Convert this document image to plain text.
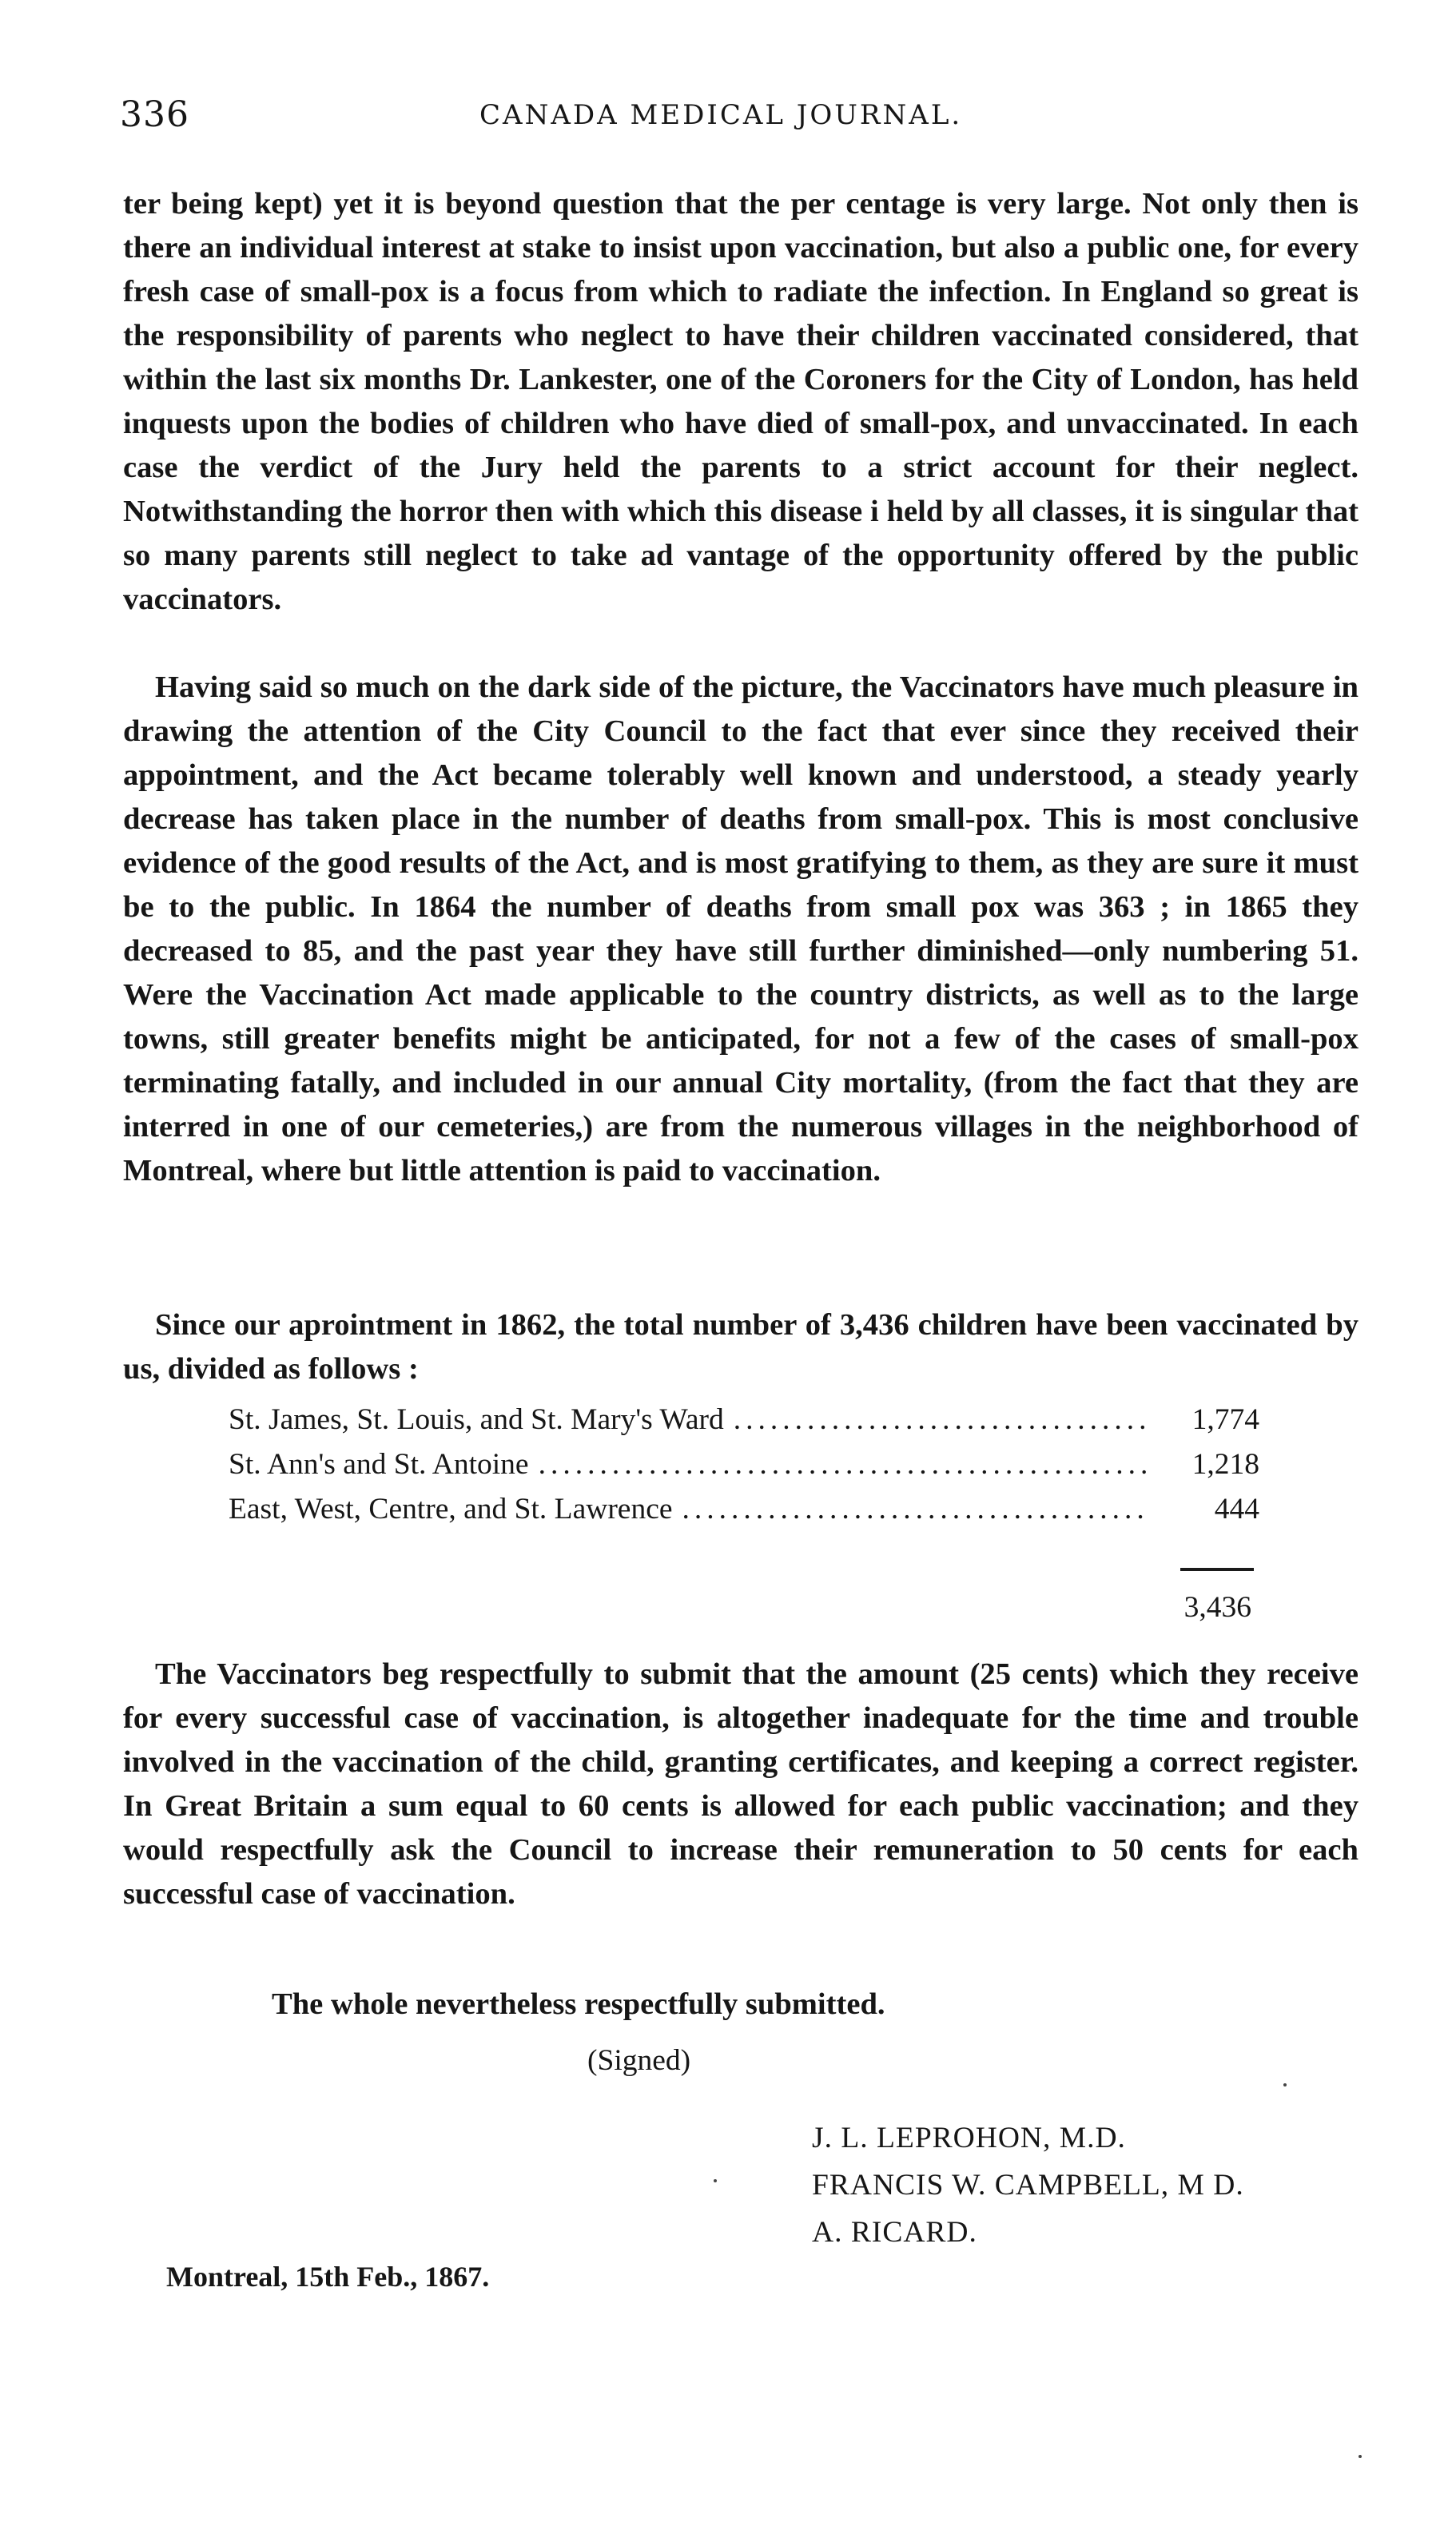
336	CANADA MEDICAL JOURNAL.

ter being kept) yet it is beyond question that the per centage is very large. Not only then is there an individual interest at stake to insist upon vaccination, but also a public one, for every fresh case of small-pox is a focus from which to radiate the infection. In England so great is the responsibility of parents who neglect to have their children vaccinated considered, that within the last six months Dr. Lankester, one of the Coroners for the City of London, has held inquests upon the bodies of children who have died of small-pox, and unvaccinated. In each case the verdict of the Jury held the parents to a strict account for their neglect. Notwithstanding the horror then with which this disease i held by all classes, it is singular that so many parents still neglect to take ad vantage of the opportunity offered by the public vaccinators.

Having said so much on the dark side of the picture, the Vaccinators have much pleasure in drawing the attention of the City Council to the fact that ever since they received their appointment, and the Act became tolerably well known and understood, a steady yearly decrease has taken place in the number of deaths from small-pox. This is most conclusive evidence of the good results of the Act, and is most gratifying to them, as they are sure it must be to the public. In 1864 the number of deaths from small pox was 363 ; in 1865 they decreased to 85, and the past year they have still further diminished—only numbering 51. Were the Vaccination Act made applicable to the country districts, as well as to the large towns, still greater benefits might be anticipated, for not a few of the cases of small-pox terminating fatally, and included in our annual City mortality, (from the fact that they are interred in one of our cemeteries,) are from the numerous villages in the neighborhood of Montreal, where but little attention is paid to vaccination.

Since our aprointment in 1862, the total number of 3,436 children have been vaccinated by us, divided as follows :

St. James, St. Louis, and St. Mary's Ward .....	1,774
St. Ann's and St. Antoine .....	1,218
East, West, Centre, and St. Lawrence .....	444
3,436

The Vaccinators beg respectfully to submit that the amount (25 cents) which they receive for every successful case of vaccination, is altogether inadequate for the time and trouble involved in the vaccination of the child, granting certificates, and keeping a correct register. In Great Britain a sum equal to 60 cents is allowed for each public vaccination; and they would respectfully ask the Council to increase their remuneration to 50 cents for each successful case of vaccination.

The whole nevertheless respectfully submitted.
(Signed)
J. L. LEPROHON, M.D.
FRANCIS W. CAMPBELL, M D.
A. RICARD.
Montreal, 15th Feb., 1867.
